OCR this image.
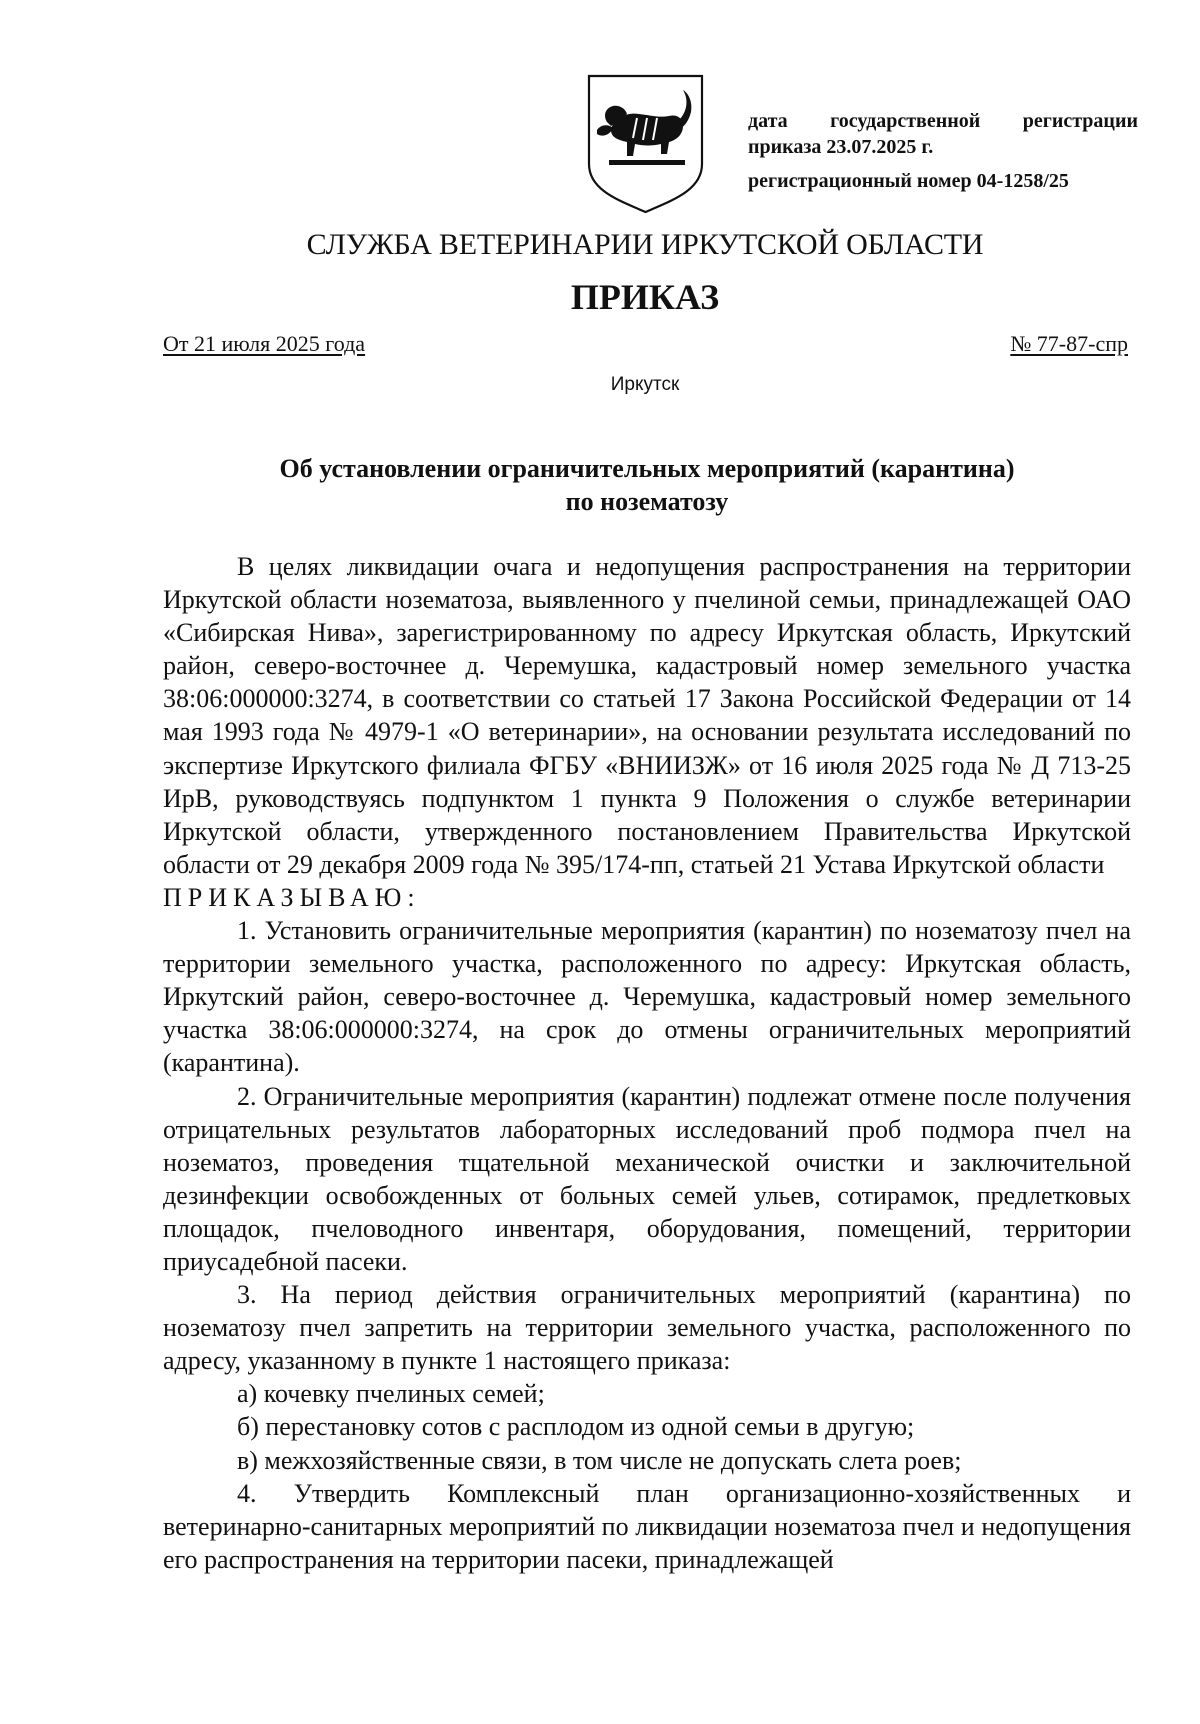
дата государственной регистрации
приказа 23.07.2025 г.
регистрационный номер 04-1258/25
СЛУЖБА ВЕТЕРИНАРИИ ИРКУТСКОЙ ОБЛАСТИ
ПРИКАЗ
От 21 июля 2025 года	№ 77-87-спр
Иркутск
Об установлении ограничительных мероприятий (карантина)
по нозематозу

В целях ликвидации очага и недопущения распространения на территории Иркутской области нозематоза, выявленного у пчелиной семьи, принадлежащей ОАО «Сибирская Нива», зарегистрированному по адресу Иркутская область, Иркутский район, северо-восточнее д. Черемушка, кадастровый номер земельного участка 38:06:000000:3274, в соответствии со статьей 17 Закона Российской Федерации от 14 мая 1993 года № 4979-1 «О ветеринарии», на основании результата исследований по экспертизе Иркутского филиала ФГБУ «ВНИИЗЖ» от 16 июля 2025 года № Д 713-25 ИрВ, руководствуясь подпунктом 1 пункта 9 Положения о службе ветеринарии Иркутской области, утвержденного постановлением Правительства Иркутской области от 29 декабря 2009 года № 395/174-пп, статьей 21 Устава Иркутской области

ПРИКАЗЫВАЮ:

1. Установить ограничительные мероприятия (карантин) по нозематозу пчел на территории земельного участка, расположенного по адресу: Иркутская область, Иркутский район, северо-восточнее д. Черемушка, кадастровый номер земельного участка 38:06:000000:3274, на срок до отмены ограничительных мероприятий (карантина).

2. Ограничительные мероприятия (карантин) подлежат отмене после получения отрицательных результатов лабораторных исследований проб подмора пчел на нозематоз, проведения тщательной механической очистки и заключительной дезинфекции освобожденных от больных семей ульев, сотирамок, предлетковых площадок, пчеловодного инвентаря, оборудования, помещений, территории приусадебной пасеки.

3. На период действия ограничительных мероприятий (карантина) по нозематозу пчел запретить на территории земельного участка, расположенного по адресу, указанному в пункте 1 настоящего приказа:

а) кочевку пчелиных семей;

б) перестановку сотов с расплодом из одной семьи в другую;

в) межхозяйственные связи, в том числе не допускать слета роев;

4. Утвердить Комплексный план организационно-хозяйственных и ветеринарно-санитарных мероприятий по ликвидации нозематоза пчел и недопущения его распространения на территории пасеки, принадлежащей
